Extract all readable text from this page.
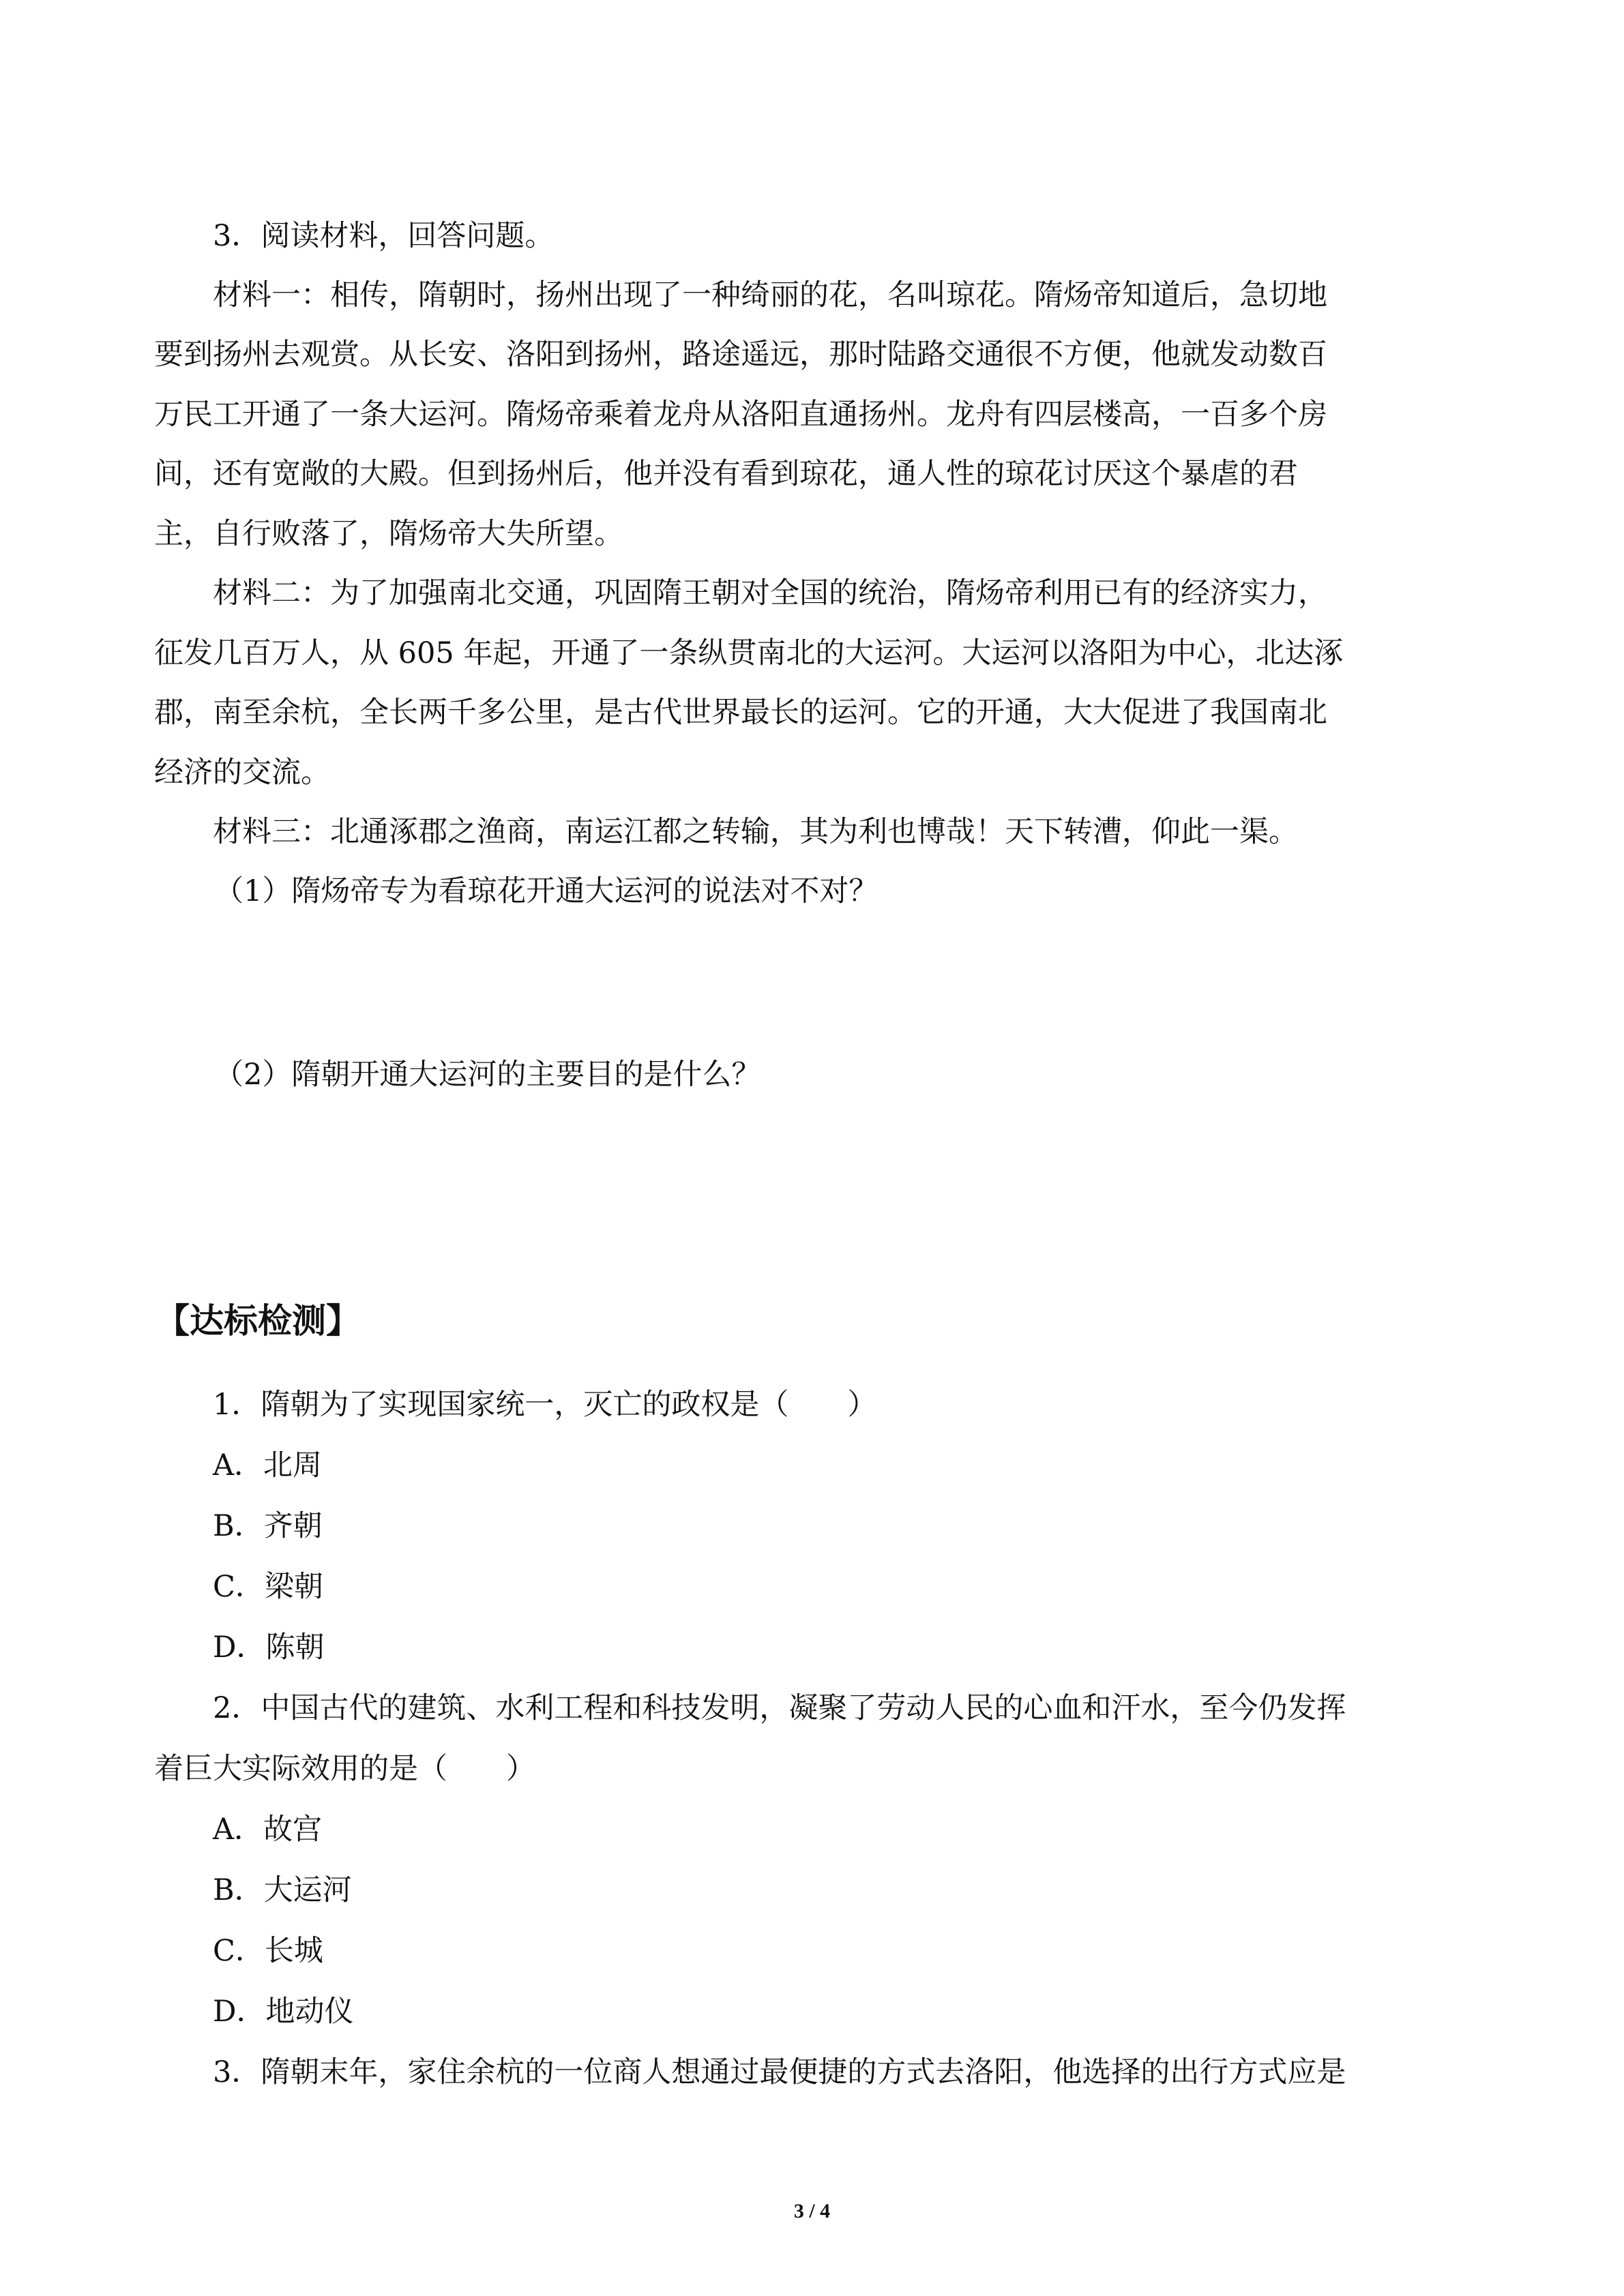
3．阅读材料，回答问题。
材料一：相传，隋朝时，扬州出现了一种绮丽的花，名叫琼花。隋炀帝知道后，急切地
要到扬州去观赏。从长安、洛阳到扬州，路途遥远，那时陆路交通很不方便，他就发动数百
万民工开通了一条大运河。隋炀帝乘着龙舟从洛阳直通扬州。龙舟有四层楼高，一百多个房
间，还有宽敞的大殿。但到扬州后，他并没有看到琼花，通人性的琼花讨厌这个暴虐的君
主，自行败落了，隋炀帝大失所望。
材料二：为了加强南北交通，巩固隋王朝对全国的统治，隋炀帝利用已有的经济实力，
征发几百万人，从 605 年起，开通了一条纵贯南北的大运河。大运河以洛阳为中心，北达涿
郡，南至余杭，全长两千多公里，是古代世界最长的运河。它的开通，大大促进了我国南北
经济的交流。
材料三：北通涿郡之渔商，南运江都之转输，其为利也博哉！天下转漕，仰此一渠。
（1）隋炀帝专为看琼花开通大运河的说法对不对？
（2）隋朝开通大运河的主要目的是什么？
【达标检测】
1．隋朝为了实现国家统一，灭亡的政权是（　　）
A．北周
B．齐朝
C．梁朝
D．陈朝
2．中国古代的建筑、水利工程和科技发明，凝聚了劳动人民的心血和汗水，至今仍发挥
着巨大实际效用的是（　　）
A．故宫
B．大运河
C．长城
D．地动仪
3．隋朝末年，家住余杭的一位商人想通过最便捷的方式去洛阳，他选择的出行方式应是
3 / 4
